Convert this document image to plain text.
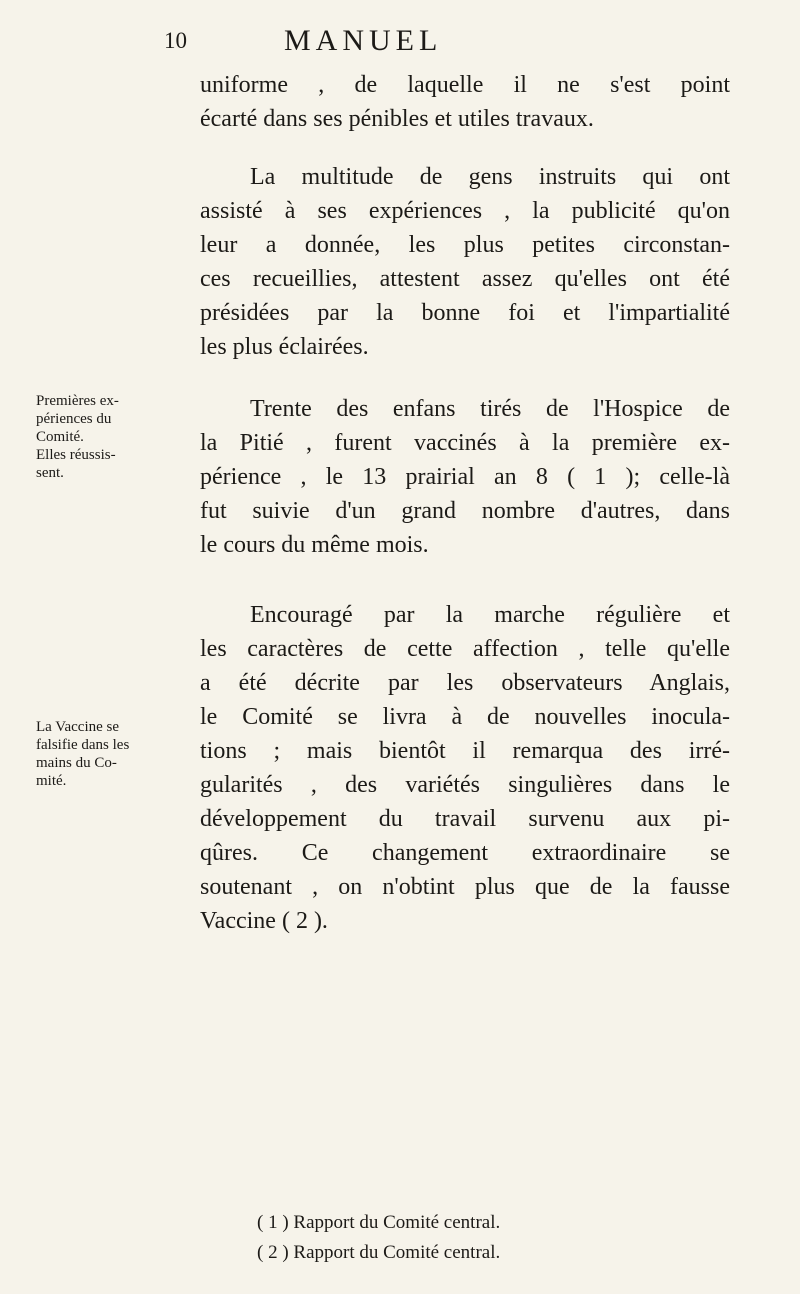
10	MANUEL
uniforme , de laquelle il ne s'est point
écarté dans ses pénibles et utiles travaux.
La multitude de gens instruits qui ont
assisté à ses expériences , la publicité qu'on
leur a donnée, les plus petites circonstan-
ces recueillies, attestent assez qu'elles ont été
présidées par la bonne foi et l'impartialité
les plus éclairées.
Trente des enfans tirés de l'Hospice de
la Pitié , furent vaccinés à la première ex-
périence , le 13 prairial an 8 ( 1 ); celle-là
fut suivie d'un grand nombre d'autres, dans
le cours du même mois.
Encouragé par la marche régulière et
les caractères de cette affection , telle qu'elle
a été décrite par les observateurs Anglais,
le Comité se livra à de nouvelles inocula-
tions ; mais bientôt il remarqua des irré-
gularités , des variétés singulières dans le
développement du travail survenu aux pi-
qûres. Ce changement extraordinaire se
soutenant , on n'obtint plus que de la fausse
Vaccine ( 2 ).
Premières ex-
périences du
Comité.
Elles réussis-
sent.
La Vaccine se
falsifie dans les
mains du Co-
mité.
( 1 ) Rapport du Comité central.
( 2 ) Rapport du Comité central.
